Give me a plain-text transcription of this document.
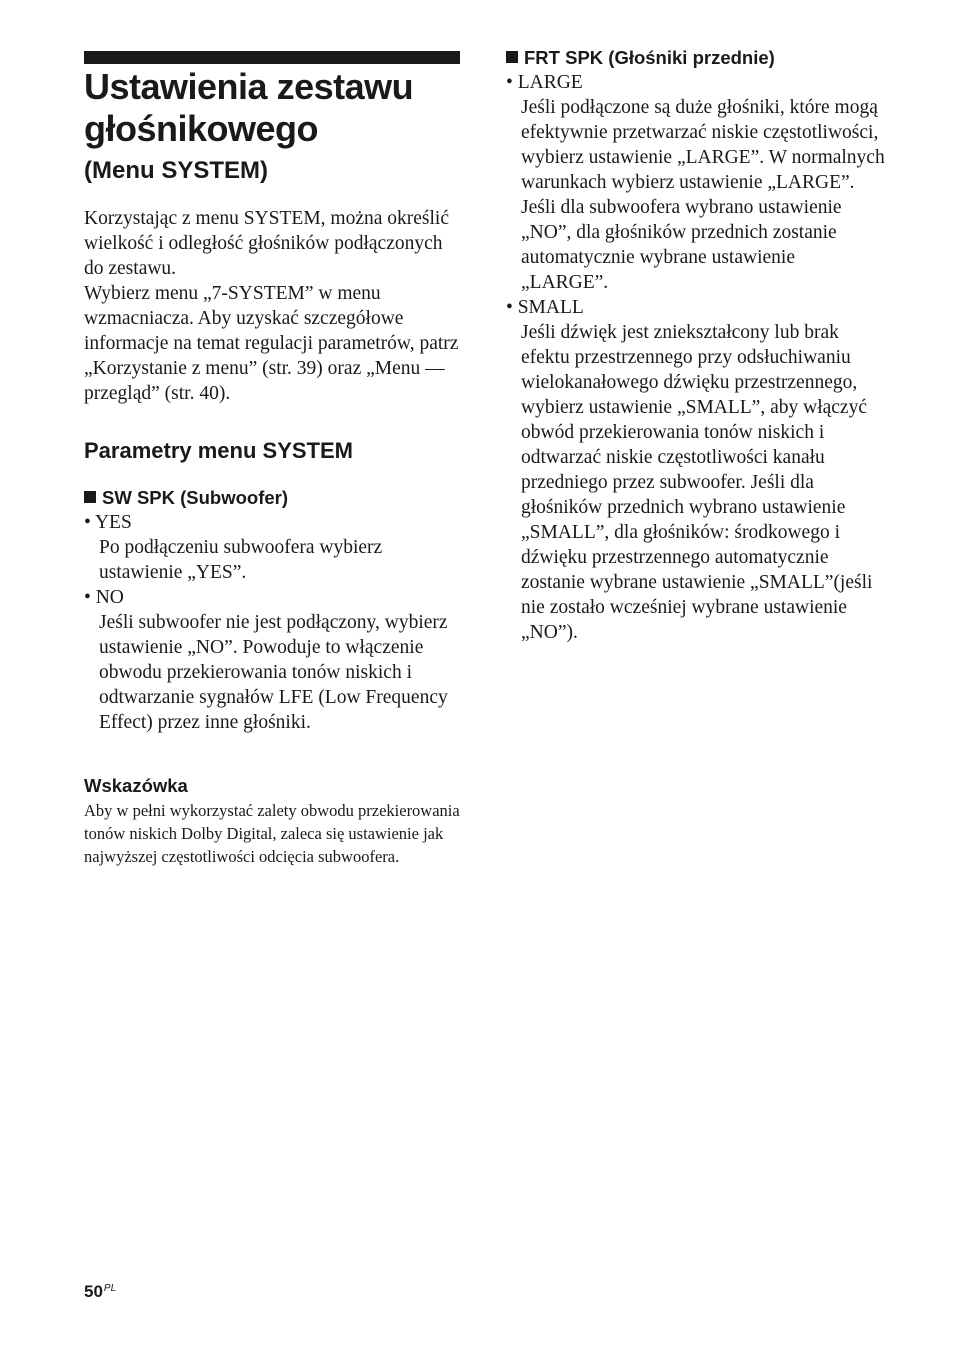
Ustawienia zestawu głośnikowego
(Menu SYSTEM)

Korzystając z menu SYSTEM, można określić wielkość i odległość głośników podłączonych do zestawu.

Wybierz menu „7-SYSTEM” w menu wzmacniacza. Aby uzyskać szczegółowe informacje na temat regulacji parametrów, patrz „Korzystanie z menu” (str. 39) oraz „Menu — przegląd” (str. 40).

Parametry menu SYSTEM
SW SPK (Subwoofer)
• YES
Po podłączeniu subwoofera wybierz ustawienie „YES”.
• NO
Jeśli subwoofer nie jest podłączony, wybierz ustawienie „NO”. Powoduje to włączenie obwodu przekierowania tonów niskich i odtwarzanie sygnałów LFE (Low Frequency Effect) przez inne głośniki.
Wskazówka

Aby w pełni wykorzystać zalety obwodu przekierowania tonów niskich Dolby Digital, zaleca się ustawienie jak najwyższej częstotliwości odcięcia subwoofera.

FRT SPK (Głośniki przednie)
• LARGE
Jeśli podłączone są duże głośniki, które mogą efektywnie przetwarzać niskie częstotliwości, wybierz ustawienie „LARGE”. W normalnych warunkach wybierz ustawienie „LARGE”. Jeśli dla subwoofera wybrano ustawienie „NO”, dla głośników przednich zostanie automatycznie wybrane ustawienie „LARGE”.
• SMALL
Jeśli dźwięk jest zniekształcony lub brak efektu przestrzennego przy odsłuchiwaniu wielokanałowego dźwięku przestrzennego, wybierz ustawienie „SMALL”, aby włączyć obwód przekierowania tonów niskich i odtwarzać niskie częstotliwości kanału przedniego przez subwoofer. Jeśli dla głośników przednich wybrano ustawienie „SMALL”, dla głośników: środkowego i dźwięku przestrzennego automatycznie zostanie wybrane ustawienie „SMALL”(jeśli nie zostało wcześniej wybrane ustawienie „NO”).
$50^{PL}$
